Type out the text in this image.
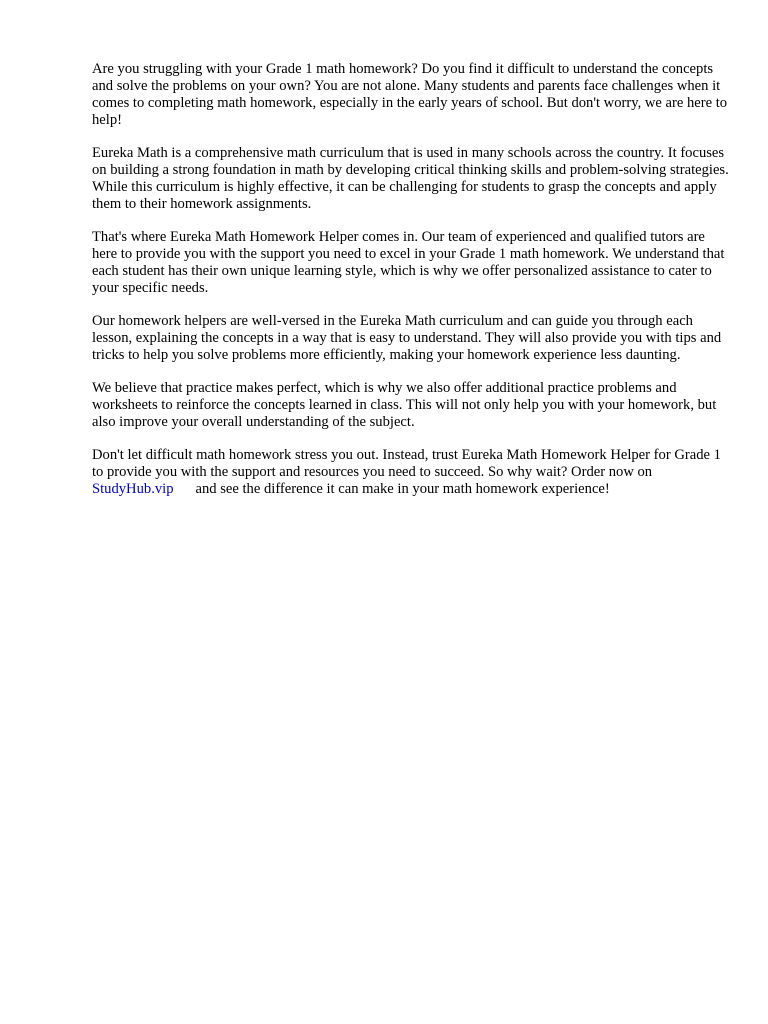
Are you struggling with your Grade 1 math homework? Do you find it difficult to understand the concepts and solve the problems on your own? You are not alone. Many students and parents face challenges when it comes to completing math homework, especially in the early years of school. But don't worry, we are here to help!

Eureka Math is a comprehensive math curriculum that is used in many schools across the country. It focuses on building a strong foundation in math by developing critical thinking skills and problem-solving strategies. While this curriculum is highly effective, it can be challenging for students to grasp the concepts and apply them to their homework assignments.

That's where Eureka Math Homework Helper comes in. Our team of experienced and qualified tutors are here to provide you with the support you need to excel in your Grade 1 math homework. We understand that each student has their own unique learning style, which is why we offer personalized assistance to cater to your specific needs.

Our homework helpers are well-versed in the Eureka Math curriculum and can guide you through each lesson, explaining the concepts in a way that is easy to understand. They will also provide you with tips and tricks to help you solve problems more efficiently, making your homework experience less daunting.

We believe that practice makes perfect, which is why we also offer additional practice problems and worksheets to reinforce the concepts learned in class. This will not only help you with your homework, but also improve your overall understanding of the subject.

Don't let difficult math homework stress you out. Instead, trust Eureka Math Homework Helper for Grade 1 to provide you with the support and resources you need to succeed. So why wait? Order now onStudyHub.vip and see the difference it can make in your math homework experience!
